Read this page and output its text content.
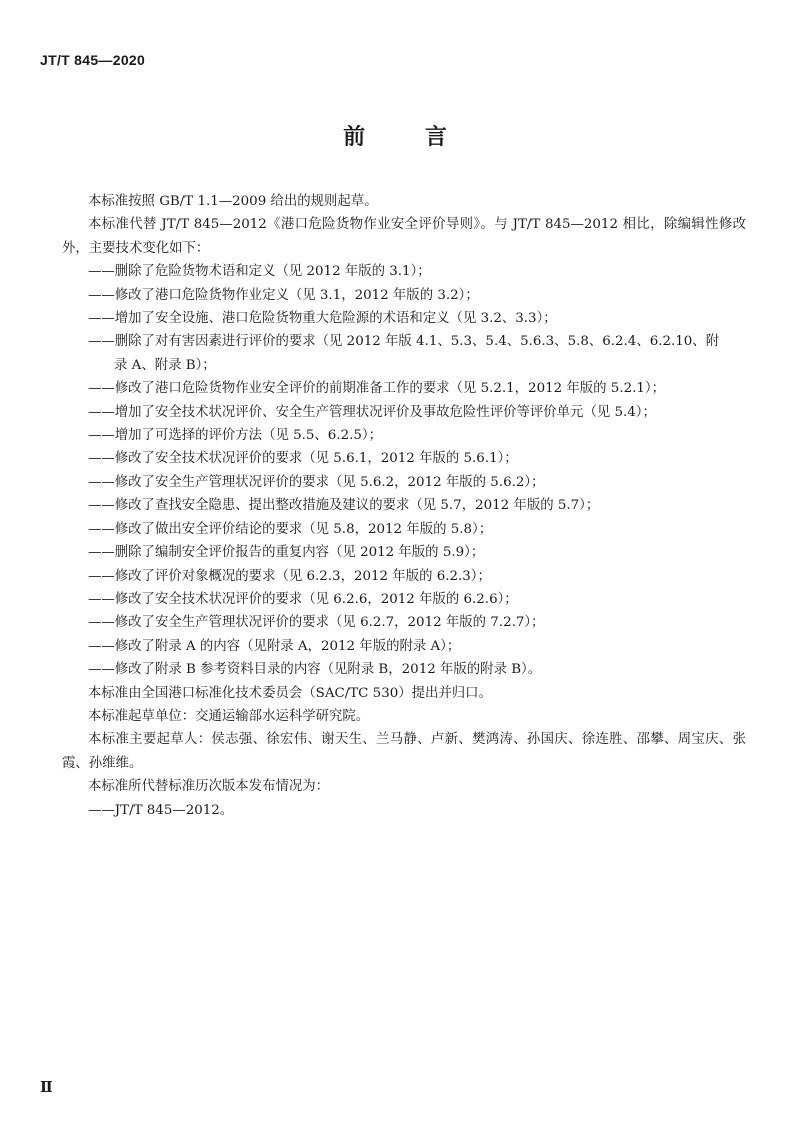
JT/T 845—2020
前 言

本标准按照 GB/T 1.1—2009 给出的规则起草。

本标准代替 JT/T 845—2012《港口危险货物作业安全评价导则》。与 JT/T 845—2012 相比，除编辑性修改外，主要技术变化如下：

——删除了危险货物术语和定义（见 2012 年版的 3.1）；

——修改了港口危险货物作业定义（见 3.1，2012 年版的 3.2）；

——增加了安全设施、港口危险货物重大危险源的术语和定义（见 3.2、3.3）；

——删除了对有害因素进行评价的要求（见 2012 年版 4.1、5.3、5.4、5.6.3、5.8、6.2.4、6.2.10、附
录 A、附录 B）；

——修改了港口危险货物作业安全评价的前期准备工作的要求（见 5.2.1，2012 年版的 5.2.1）；

——增加了安全技术状况评价、安全生产管理状况评价及事故危险性评价等评价单元（见 5.4）；

——增加了可选择的评价方法（见 5.5、6.2.5）；

——修改了安全技术状况评价的要求（见 5.6.1，2012 年版的 5.6.1）；

——修改了安全生产管理状况评价的要求（见 5.6.2，2012 年版的 5.6.2）；

——修改了查找安全隐患、提出整改措施及建议的要求（见 5.7，2012 年版的 5.7）；

——修改了做出安全评价结论的要求（见 5.8，2012 年版的 5.8）；

——删除了编制安全评价报告的重复内容（见 2012 年版的 5.9）；

——修改了评价对象概况的要求（见 6.2.3，2012 年版的 6.2.3）；

——修改了安全技术状况评价的要求（见 6.2.6，2012 年版的 6.2.6）；

——修改了安全生产管理状况评价的要求（见 6.2.7，2012 年版的 7.2.7）；

——修改了附录 A 的内容（见附录 A，2012 年版的附录 A）；

——修改了附录 B 参考资料目录的内容（见附录 B，2012 年版的附录 B）。

本标准由全国港口标准化技术委员会（SAC/TC 530）提出并归口。

本标准起草单位：交通运输部水运科学研究院。

本标准主要起草人：侯志强、徐宏伟、谢天生、兰马静、卢新、樊鸿涛、孙国庆、徐连胜、邵攀、周宝庆、张霞、孙维维。

本标准所代替标准历次版本发布情况为：

——JT/T 845—2012。

Ⅱ
